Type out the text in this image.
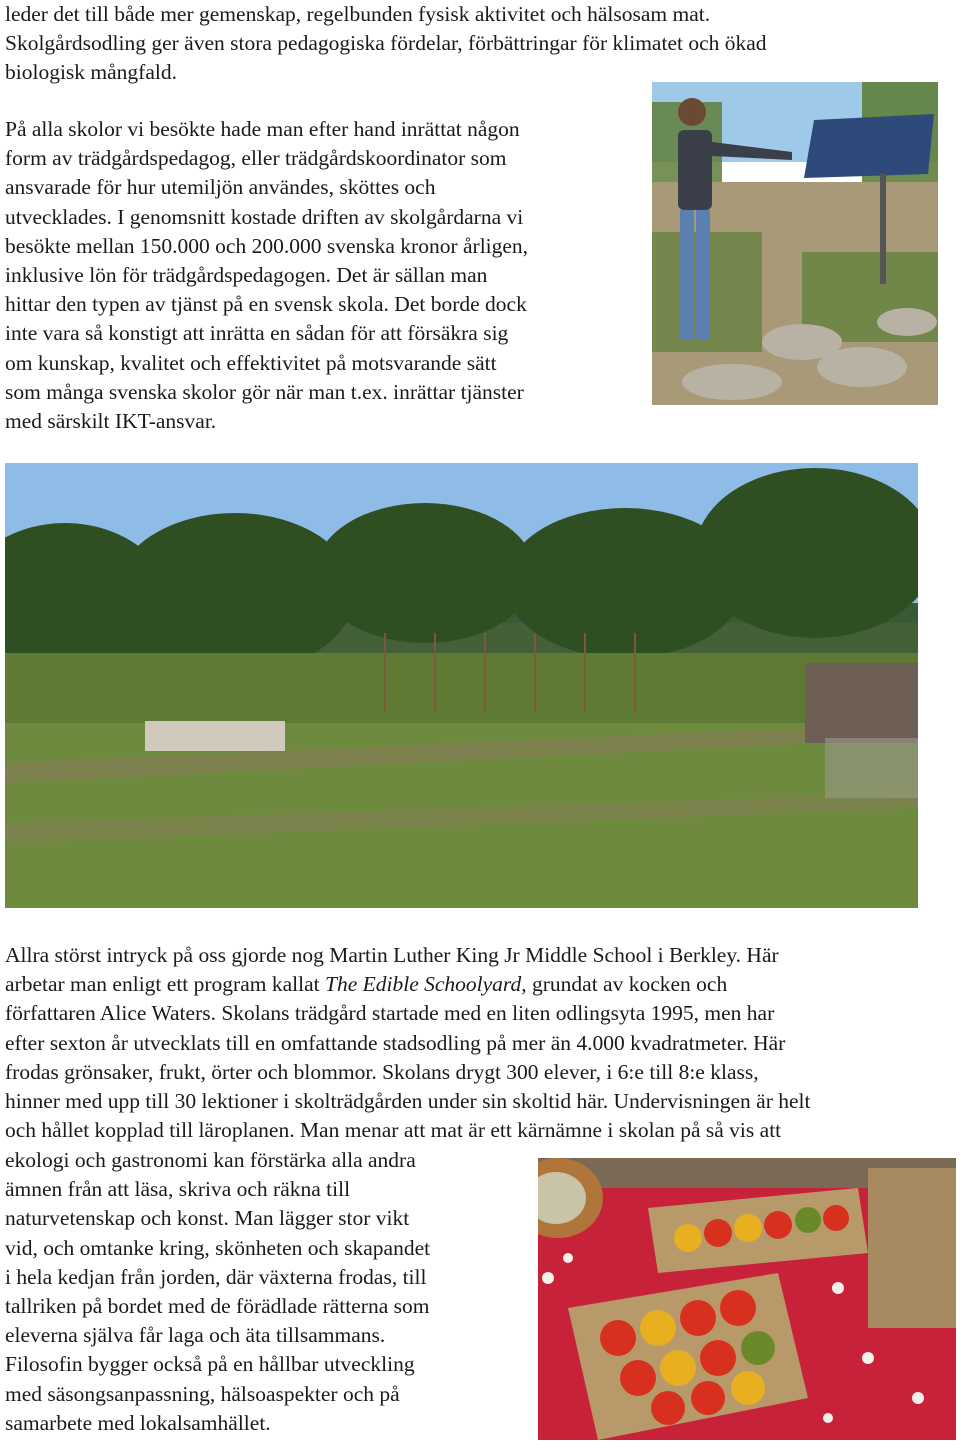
leder det till både mer gemenskap, regelbunden fysisk aktivitet och hälsosam mat.
Skolgårdsodling ger även stora pedagogiska fördelar, förbättringar för klimatet och ökad
biologisk mångfald.
På alla skolor vi besökte hade man efter hand inrättat någon
form av trädgårdspedagog, eller trädgårdskoordinator som
ansvarade för hur utemiljön användes, sköttes och
utvecklades. I genomsnitt kostade driften av skolgårdarna vi
besökte mellan 150.000 och 200.000 svenska kronor årligen,
inklusive lön för trädgårdspedagogen. Det är sällan man
hittar den typen av tjänst på en svensk skola. Det borde dock
inte vara så konstigt att inrätta en sådan för att försäkra sig
om kunskap, kvalitet och effektivitet på motsvarande sätt
som många svenska skolor gör när man t.ex. inrättar tjänster
med särskilt IKT-ansvar.
Allra störst intryck på oss gjorde nog Martin Luther King Jr Middle School i Berkley. Här
arbetar man enligt ett program kallat The Edible Schoolyard, grundat av kocken och
författaren Alice Waters. Skolans trädgård startade med en liten odlingsyta 1995, men har
efter sexton år utvecklats till en omfattande stadsodling på mer än 4.000 kvadratmeter. Här
frodas grönsaker, frukt, örter och blommor. Skolans drygt 300 elever, i 6:e till 8:e klass,
hinner med upp till 30 lektioner i skolträdgården under sin skoltid här. Undervisningen är helt
och hållet kopplad till läroplanen. Man menar att mat är ett kärnämne i skolan på så vis att
ekologi och gastronomi kan förstärka alla andra
ämnen från att läsa, skriva och räkna till
naturvetenskap och konst. Man lägger stor vikt
vid, och omtanke kring, skönheten och skapandet
i hela kedjan från jorden, där växterna frodas, till
tallriken på bordet med de förädlade rätterna som
eleverna själva får laga och äta tillsammans.
Filosofin bygger också på en hållbar utveckling
med säsongsanpassning, hälsoaspekter och på
samarbete med lokalsamhället.
